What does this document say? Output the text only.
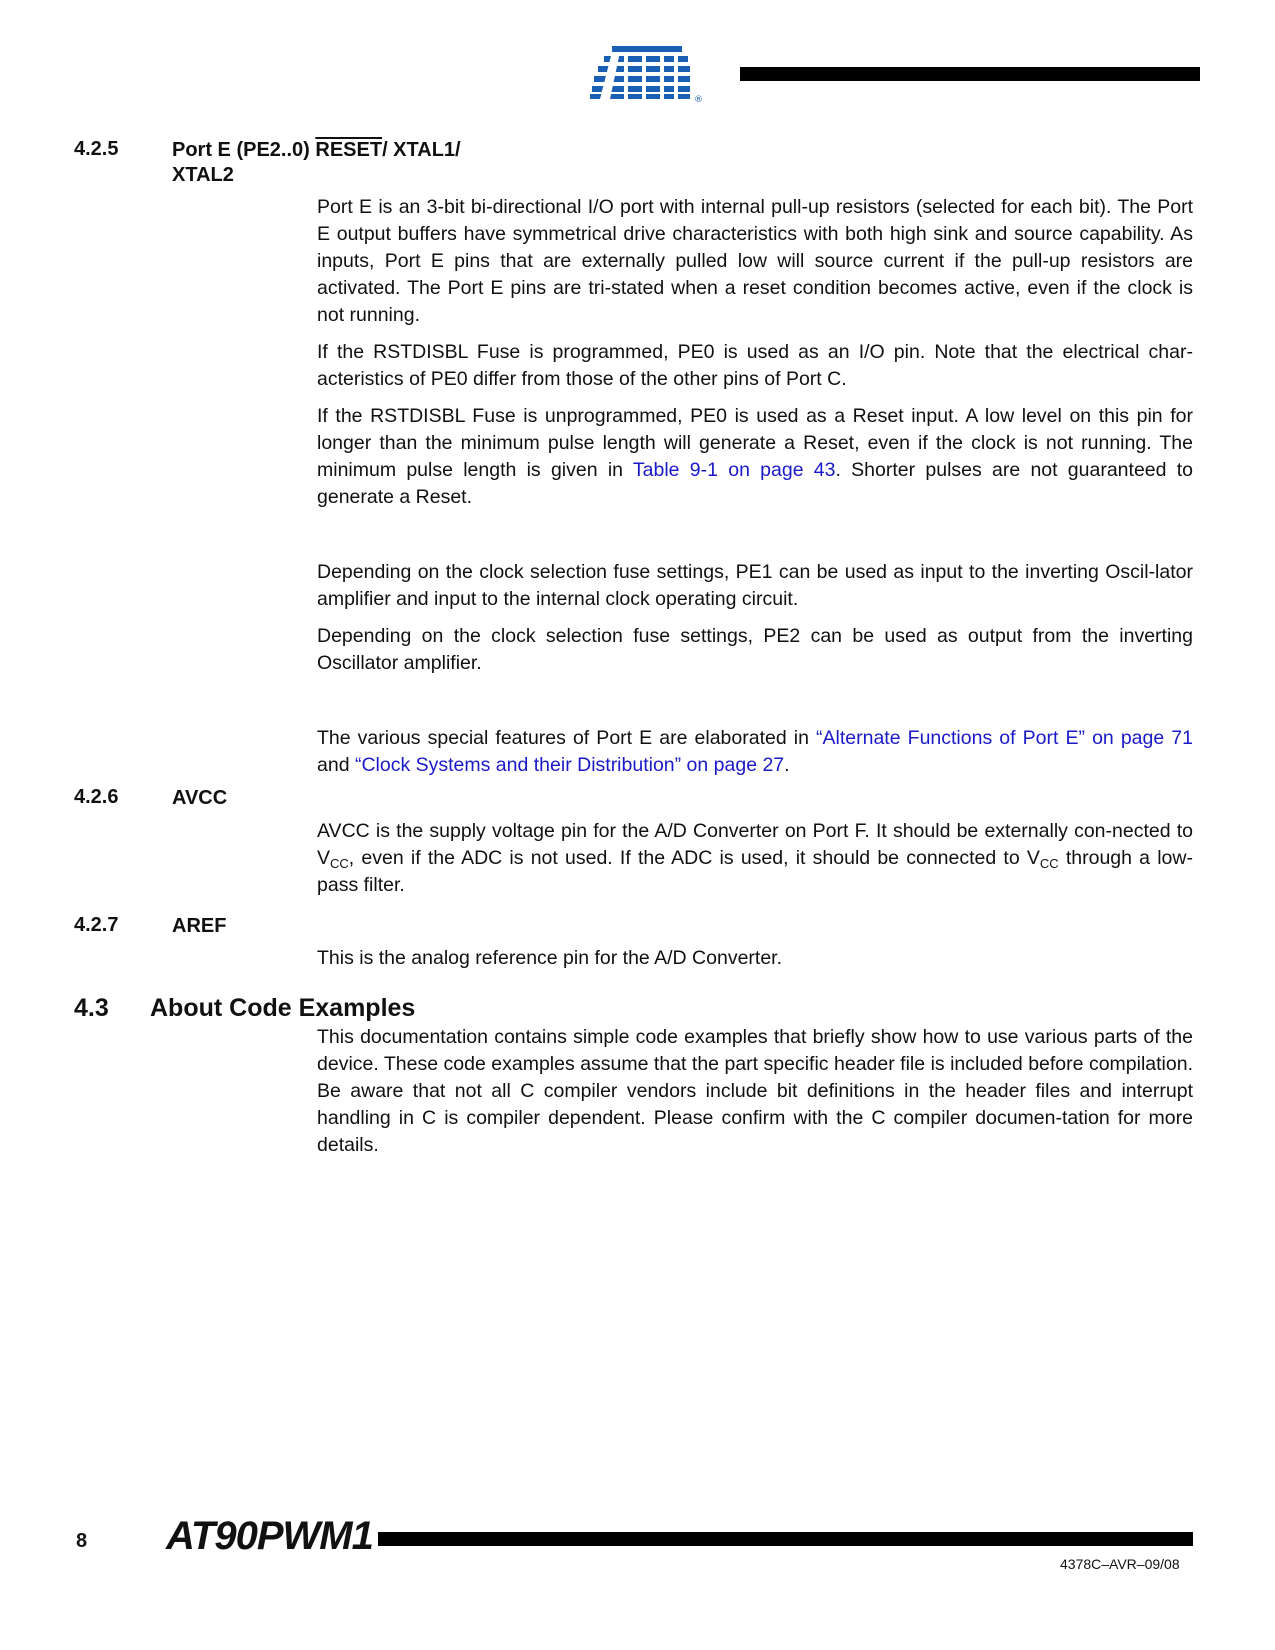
®
4.2.5	Port E (PE2..0) RESET/ XTAL1/
XTAL2

Port E is an 3-bit bi-directional I/O port with internal pull-up resistors (selected for each bit). The Port E output buffers have symmetrical drive characteristics with both high sink and source capability. As inputs, Port E pins that are externally pulled low will source current if the pull-up resistors are activated. The Port E pins are tri-stated when a reset condition becomes active, even if the clock is not running.

If the RSTDISBL Fuse is programmed, PE0 is used as an I/O pin. Note that the electrical char-acteristics of PE0 differ from those of the other pins of Port C.

If the RSTDISBL Fuse is unprogrammed, PE0 is used as a Reset input. A low level on this pin for longer than the minimum pulse length will generate a Reset, even if the clock is not running. The minimum pulse length is given in Table 9-1 on page 43. Shorter pulses are not guaranteed to generate a Reset.

Depending on the clock selection fuse settings, PE1 can be used as input to the inverting Oscil-lator amplifier and input to the internal clock operating circuit.

Depending on the clock selection fuse settings, PE2 can be used as output from the inverting Oscillator amplifier.

The various special features of Port E are elaborated in “Alternate Functions of Port E” on page 71 and “Clock Systems and their Distribution” on page 27.

4.2.6	AVCC

AVCC is the supply voltage pin for the A/D Converter on Port F. It should be externally con-nected to $V_{CC}$, even if the ADC is not used. If the ADC is used, it should be connected to $V_{CC}$ through a low-pass filter.

4.2.7	AREF

This is the analog reference pin for the A/D Converter.

4.3 About Code Examples

This documentation contains simple code examples that briefly show how to use various parts of the device. These code examples assume that the part specific header file is included before compilation. Be aware that not all C compiler vendors include bit definitions in the header files and interrupt handling in C is compiler dependent. Please confirm with the C compiler documen-tation for more details.

8 AT90PWM1
4378C–AVR–09/08
